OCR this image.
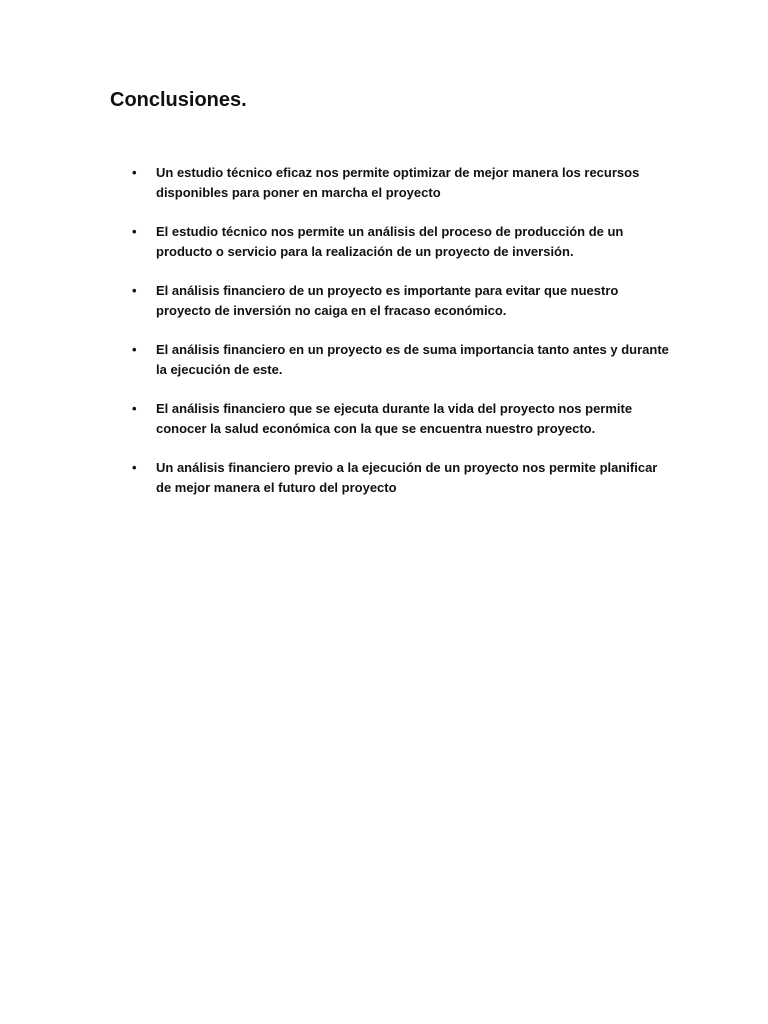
Conclusiones.
•	Un estudio técnico eficaz nos permite optimizar de mejor manera los recursos disponibles para poner en marcha el proyecto
•	El estudio técnico nos permite un análisis del proceso de producción de un producto o servicio para la realización de un proyecto de inversión.
•	El análisis financiero de un proyecto es importante para evitar que nuestro proyecto de inversión no caiga en el fracaso económico.
•	El análisis financiero en un proyecto es de suma importancia tanto antes y durante la ejecución de este.
•	El análisis financiero que se ejecuta durante la vida del proyecto nos permite conocer la salud económica con la que se encuentra nuestro proyecto.
•	Un análisis financiero previo a la ejecución de un proyecto nos permite planificar de mejor manera el futuro del proyecto
